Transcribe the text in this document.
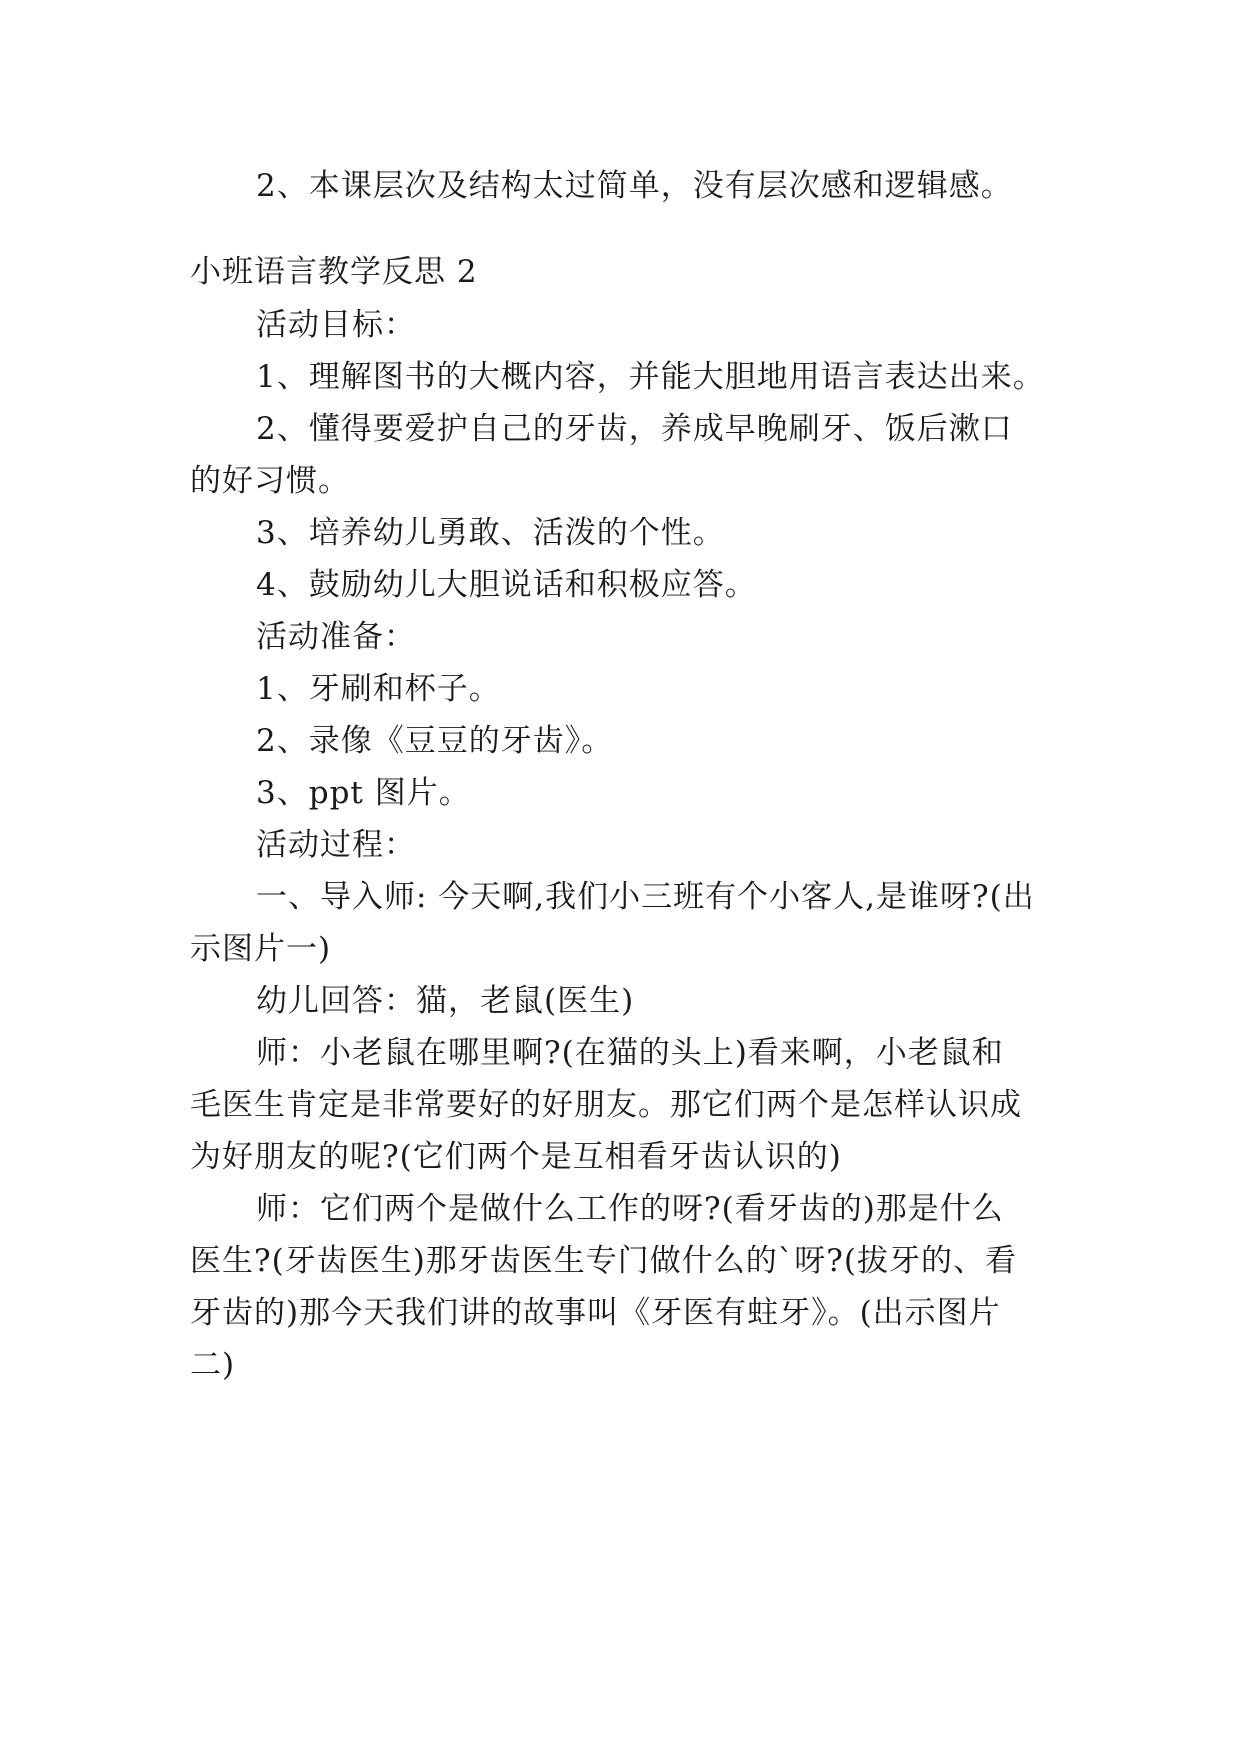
2、本课层次及结构太过简单，没有层次感和逻辑感。
小班语言教学反思 2
活动目标：
1、理解图书的大概内容，并能大胆地用语言表达出来。
2、懂得要爱护自己的牙齿，养成早晚刷牙、饭后漱口
的好习惯。
3、培养幼儿勇敢、活泼的个性。
4、鼓励幼儿大胆说话和积极应答。
活动准备：
1、牙刷和杯子。
2、录像《豆豆的牙齿》。
3、ppt 图片。
活动过程：
一、导入师: 今天啊,我们小三班有个小客人,是谁呀?(出
示图片一)
幼儿回答：猫，老鼠(医生)
师：小老鼠在哪里啊?(在猫的头上)看来啊，小老鼠和
毛医生肯定是非常要好的好朋友。那它们两个是怎样认识成
为好朋友的呢?(它们两个是互相看牙齿认识的)
师：它们两个是做什么工作的呀?(看牙齿的)那是什么
医生?(牙齿医生)那牙齿医生专门做什么的`呀?(拔牙的、看
牙齿的)那今天我们讲的故事叫《牙医有蛀牙》。(出示图片
二)
